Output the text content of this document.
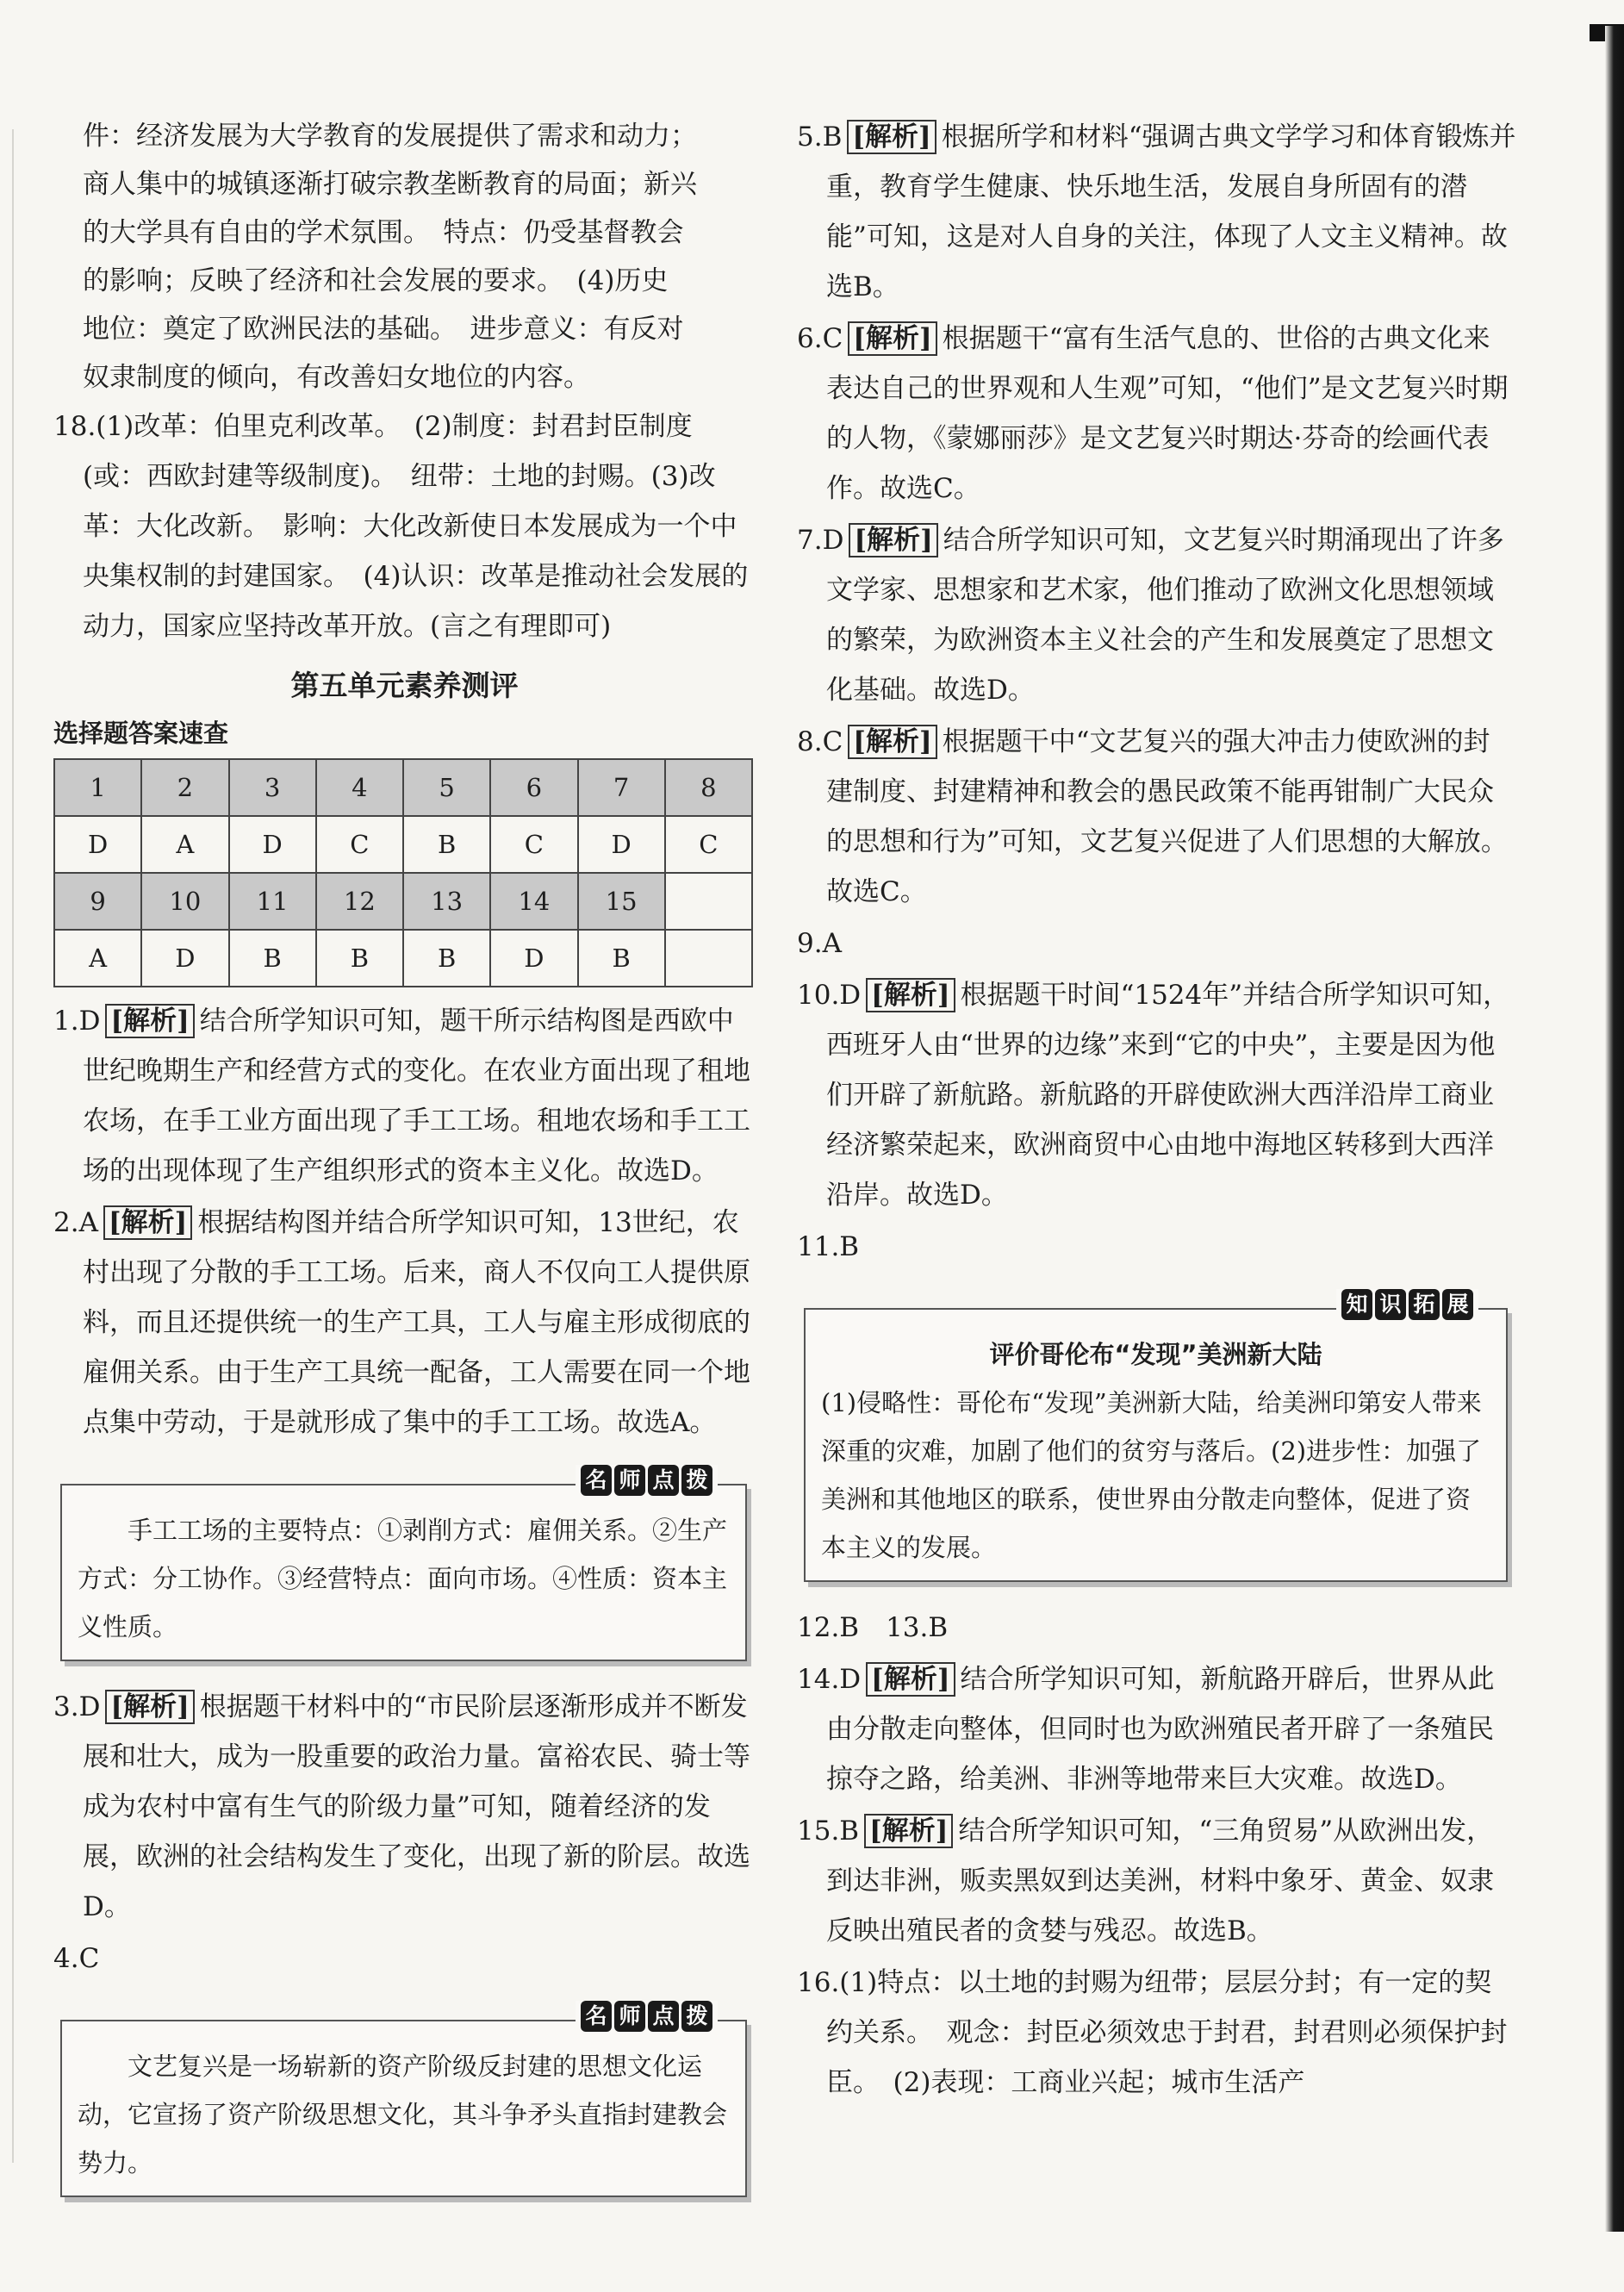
件：经济发展为大学教育的发展提供了需求和动力；

商人集中的城镇逐渐打破宗教垄断教育的局面；新兴

的大学具有自由的学术氛围。　特点：仍受基督教会

的影响；反映了经济和社会发展的要求。　(4)历史

地位：奠定了欧洲民法的基础。　进步意义：有反对

奴隶制度的倾向，有改善妇女地位的内容。

18.(1)改革：伯里克利改革。　(2)制度：封君封臣制度(或：西欧封建等级制度)。　纽带：土地的封赐。(3)改革：大化改新。　影响：大化改新使日本发展成为一个中央集权制的封建国家。　(4)认识：改革是推动社会发展的动力，国家应坚持改革开放。(言之有理即可)

第五单元素养测评
选择题答案速查
1	2	3	4	5	6	7	8
D	A	D	C	B	C	D	C
9	10	11	12	13	14	15	
A	D	B	B	B	D	B	

1.D [解析] 结合所学知识可知，题干所示结构图是西欧中世纪晚期生产和经营方式的变化。在农业方面出现了租地农场，在手工业方面出现了手工工场。租地农场和手工工场的出现体现了生产组织形式的资本主义化。故选D。

2.A [解析] 根据结构图并结合所学知识可知，13世纪，农村出现了分散的手工工场。后来，商人不仅向工人提供原料，而且还提供统一的生产工具，工人与雇主形成彻底的雇佣关系。由于生产工具统一配备，工人需要在同一个地点集中劳动，于是就形成了集中的手工工场。故选A。

名 师 点 拨

手工工场的主要特点：①剥削方式：雇佣关系。②生产方式：分工协作。③经营特点：面向市场。④性质：资本主义性质。

3.D [解析] 根据题干材料中的“市民阶层逐渐形成并不断发展和壮大，成为一股重要的政治力量。富裕农民、骑士等成为农村中富有生气的阶级力量”可知，随着经济的发展，欧洲的社会结构发生了变化，出现了新的阶层。故选D。

4.C

名 师 点 拨

文艺复兴是一场崭新的资产阶级反封建的思想文化运动，它宣扬了资产阶级思想文化，其斗争矛头直指封建教会势力。

5.B [解析] 根据所学和材料“强调古典文学学习和体育锻炼并重，教育学生健康、快乐地生活，发展自身所固有的潜能”可知，这是对人自身的关注，体现了人文主义精神。故选B。

6.C [解析] 根据题干“富有生活气息的、世俗的古典文化来表达自己的世界观和人生观”可知，“他们”是文艺复兴时期的人物，《蒙娜丽莎》是文艺复兴时期达·芬奇的绘画代表作。故选C。

7.D [解析] 结合所学知识可知，文艺复兴时期涌现出了许多文学家、思想家和艺术家，他们推动了欧洲文化思想领域的繁荣，为欧洲资本主义社会的产生和发展奠定了思想文化基础。故选D。

8.C [解析] 根据题干中“文艺复兴的强大冲击力使欧洲的封建制度、封建精神和教会的愚民政策不能再钳制广大民众的思想和行为”可知，文艺复兴促进了人们思想的大解放。故选C。

9.A

10.D [解析] 根据题干时间“1524年”并结合所学知识可知，西班牙人由“世界的边缘”来到“它的中央”，主要是因为他们开辟了新航路。新航路的开辟使欧洲大西洋沿岸工商业经济繁荣起来，欧洲商贸中心由地中海地区转移到大西洋沿岸。故选D。

11.B

知 识 拓 展

评价哥伦布“发现”美洲新大陆

(1)侵略性：哥伦布“发现”美洲新大陆，给美洲印第安人带来深重的灾难，加剧了他们的贫穷与落后。(2)进步性：加强了美洲和其他地区的联系，使世界由分散走向整体，促进了资本主义的发展。

12.B　13.B

14.D [解析] 结合所学知识可知，新航路开辟后，世界从此由分散走向整体，但同时也为欧洲殖民者开辟了一条殖民掠夺之路，给美洲、非洲等地带来巨大灾难。故选D。

15.B [解析] 结合所学知识可知，“三角贸易”从欧洲出发，到达非洲，贩卖黑奴到达美洲，材料中象牙、黄金、奴隶反映出殖民者的贪婪与残忍。故选B。

16.(1)特点：以土地的封赐为纽带；层层分封；有一定的契约关系。　观念：封臣必须效忠于封君，封君则必须保护封臣。　(2)表现：工商业兴起；城市生活产
